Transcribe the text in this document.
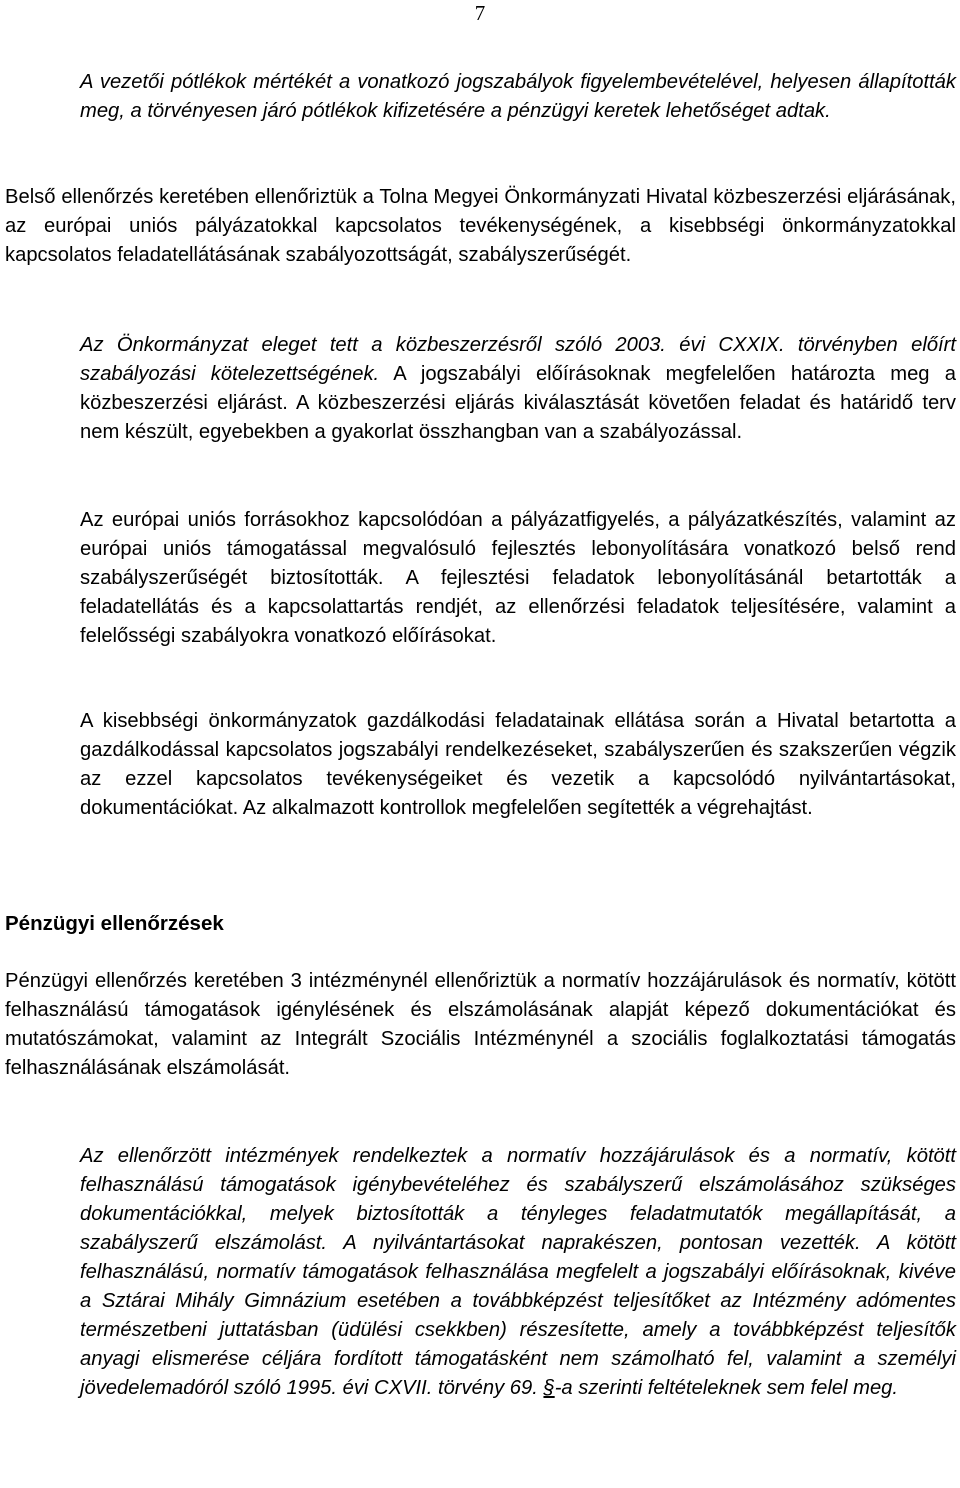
7

A vezetői pótlékok mértékét a vonatkozó jogszabályok figyelembevételével, helyesen állapították meg, a törvényesen járó pótlékok kifizetésére a pénzügyi keretek lehetőséget adtak.

Belső ellenőrzés keretében ellenőriztük a Tolna Megyei Önkormányzati Hivatal közbeszerzési eljárásának, az európai uniós pályázatokkal kapcsolatos tevékenységének, a kisebbségi önkormányzatokkal kapcsolatos feladatellátásának szabályozottságát, szabályszerűségét.

Az Önkormányzat eleget tett a közbeszerzésről szóló 2003. évi CXXIX. törvényben előírt szabályozási kötelezettségének. A jogszabályi előírásoknak megfelelően határozta meg a közbeszerzési eljárást. A közbeszerzési eljárás kiválasztását követően feladat és határidő terv nem készült, egyebekben a gyakorlat összhangban van a szabályozással.

Az európai uniós forrásokhoz kapcsolódóan a pályázatfigyelés, a pályázatkészítés, valamint az európai uniós támogatással megvalósuló fejlesztés lebonyolítására vonatkozó belső rend szabályszerűségét biztosították. A fejlesztési feladatok lebonyolításánál betartották a feladatellátás és a kapcsolattartás rendjét, az ellenőrzési feladatok teljesítésére, valamint a felelősségi szabályokra vonatkozó előírásokat.

A kisebbségi önkormányzatok gazdálkodási feladatainak ellátása során a Hivatal betartotta a gazdálkodással kapcsolatos jogszabályi rendelkezéseket, szabályszerűen és szakszerűen végzik az ezzel kapcsolatos tevékenységeiket és vezetik a kapcsolódó nyilvántartásokat, dokumentációkat. Az alkalmazott kontrollok megfelelően segítették a végrehajtást.

Pénzügyi ellenőrzések

Pénzügyi ellenőrzés keretében 3 intézménynél ellenőriztük a normatív hozzájárulások és normatív, kötött felhasználású támogatások igénylésének és elszámolásának alapját képező dokumentációkat és mutatószámokat, valamint az Integrált Szociális Intézménynél a szociális foglalkoztatási támogatás felhasználásának elszámolását.

Az ellenőrzött intézmények rendelkeztek a normatív hozzájárulások és a normatív, kötött felhasználású támogatások igénybevételéhez és szabályszerű elszámolásához szükséges dokumentációkkal, melyek biztosították a tényleges feladatmutatók megállapítását, a szabályszerű elszámolást. A nyilvántartásokat naprakészen, pontosan vezették. A kötött felhasználású, normatív támogatások felhasználása megfelelt a jogszabályi előírásoknak, kivéve a Sztárai Mihály Gimnázium esetében a továbbképzést teljesítőket az Intézmény adómentes természetbeni juttatásban (üdülési csekkben) részesítette, amely a továbbképzést teljesítők anyagi elismerése céljára fordított támogatásként nem számolható fel, valamint a személyi jövedelemadóról szóló 1995. évi CXVII. törvény 69. §-a szerinti feltételeknek sem felel meg.
